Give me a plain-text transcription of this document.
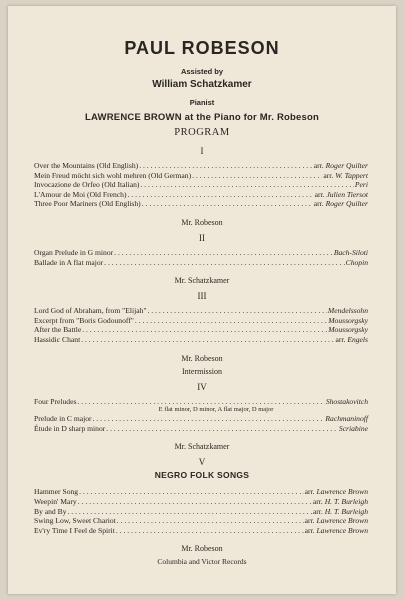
PAUL ROBESON
Assisted by
William Schatzkamer
Pianist
LAWRENCE BROWN at the Piano for Mr. Robeson
PROGRAM
I
Over the Mountains (Old English) . . .	arr. Roger Quilter
Mein Freud möcht sich wohl mehren (Old German) . . .	arr. W. Tappert
Invocazione de Orfeo (Old Italian) . . .	Peri
L'Amour de Moi (Old French) . . .	arr. Julien Tiersot
Three Poor Mariners (Old English) . . .	arr. Roger Quilter
Mr. Robeson
II
Organ Prelude in G minor . . .	Bach-Siloti
Ballade in A flat major . . .	Chopin
Mr. Schatzkamer
III
Lord God of Abraham, from "Elijah" . . .	Mendelssohn
Excerpt from "Boris Godounoff" . . .	Moussorgsky
After the Battle . . .	Moussorgsky
Hassidic Chant . . .	arr. Engels
Mr. Robeson
Intermission
IV
Four Preludes . . .	Shostakovitch
E flat minor, D minor, A flat major, D major
Prelude in C major . . .	Rachmaninoff
Étude in D sharp minor . . .	Scriabine
Mr. Schatzkamer
V
NEGRO FOLK SONGS
Hammer Song . . .	arr. Lawrence Brown
Weepin' Mary . . .	arr. H. T. Burleigh
By and By . . .	arr. H. T. Burleigh
Swing Low, Sweet Chariot . . .	arr. Lawrence Brown
Ev'ry Time I Feel de Spirit . . .	arr. Lawrence Brown
Mr. Robeson
Columbia and Victor Records
